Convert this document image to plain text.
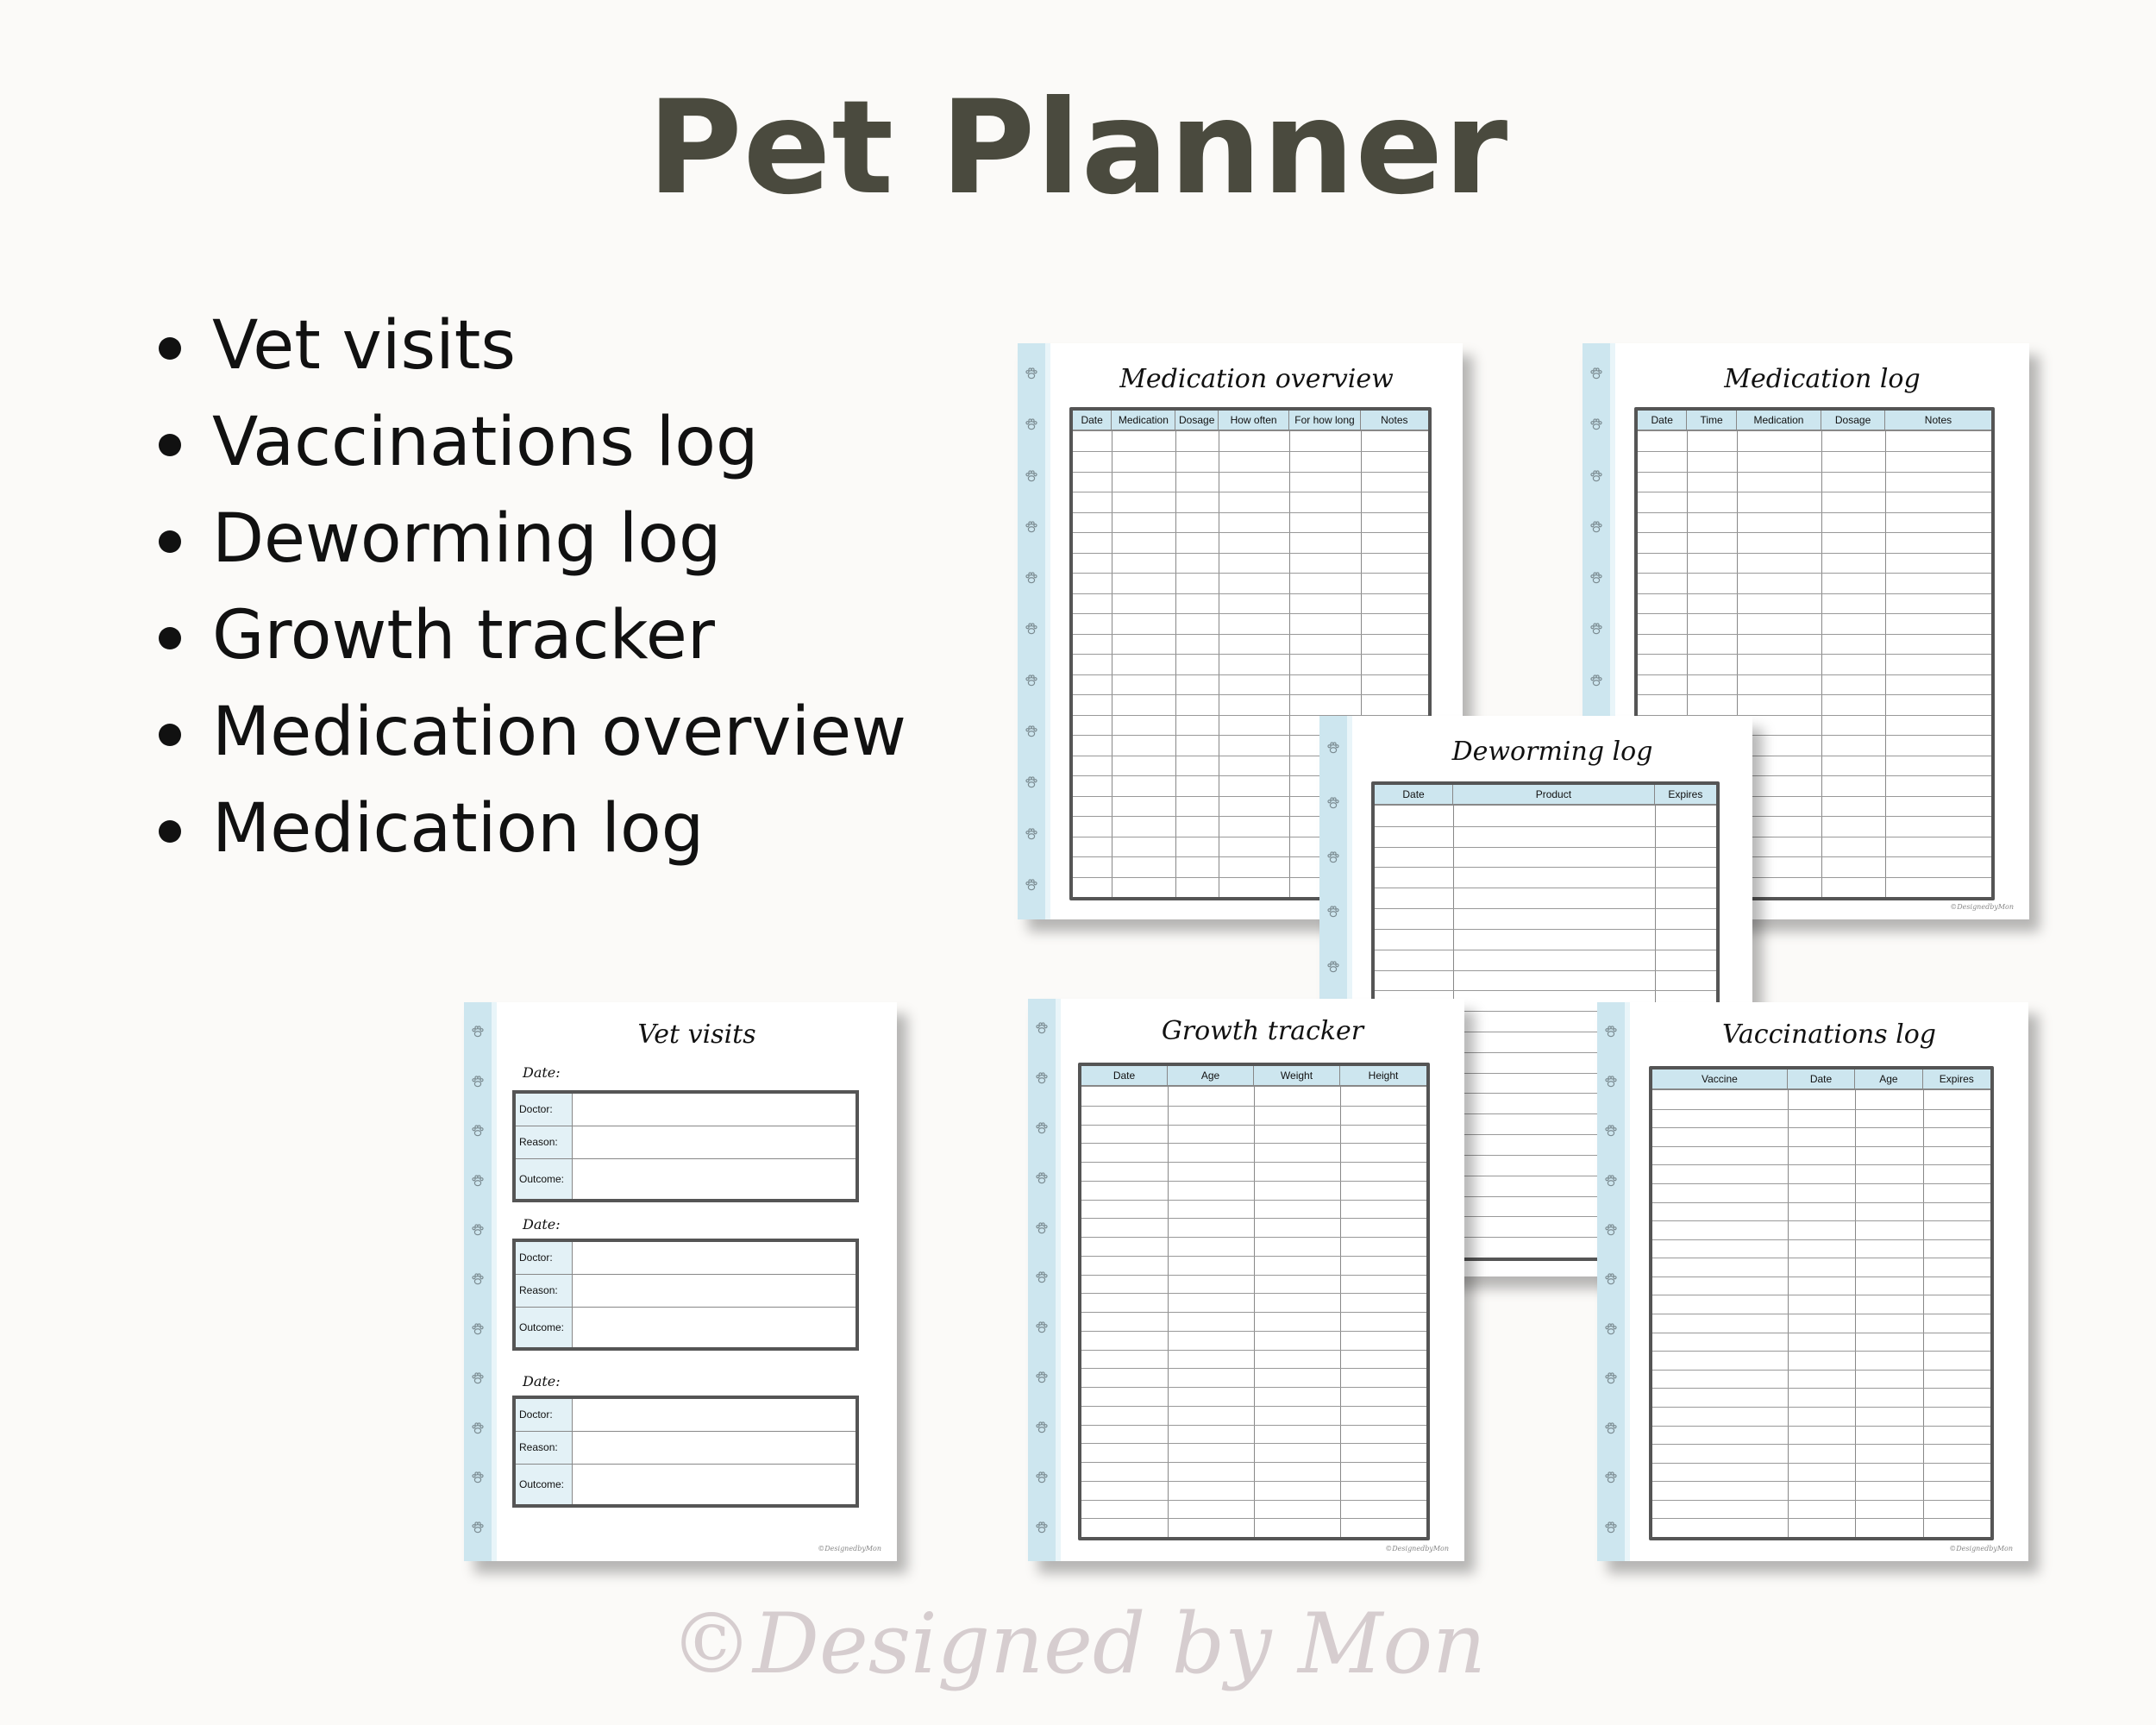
Pet Planner
Vet visits
Vaccinations log
Deworming log
Growth tracker
Medication overview
Medication log
Medication overview
Date	Medication	Dosage	How often	For how long	Notes
Medication log
Date	Time	Medication	Dosage	Notes
©DesignedbyMon
Deworming log
Date	Product	Expires
Vet visits
Date:
Doctor:
Reason:
Outcome:
Date:
Doctor:
Reason:
Outcome:
Date:
Doctor:
Reason:
Outcome:
©DesignedbyMon
Growth tracker
Date	Age	Weight	Height
©DesignedbyMon
Vaccinations log
Vaccine	Date	Age	Expires
©DesignedbyMon
©Designed by Mon
